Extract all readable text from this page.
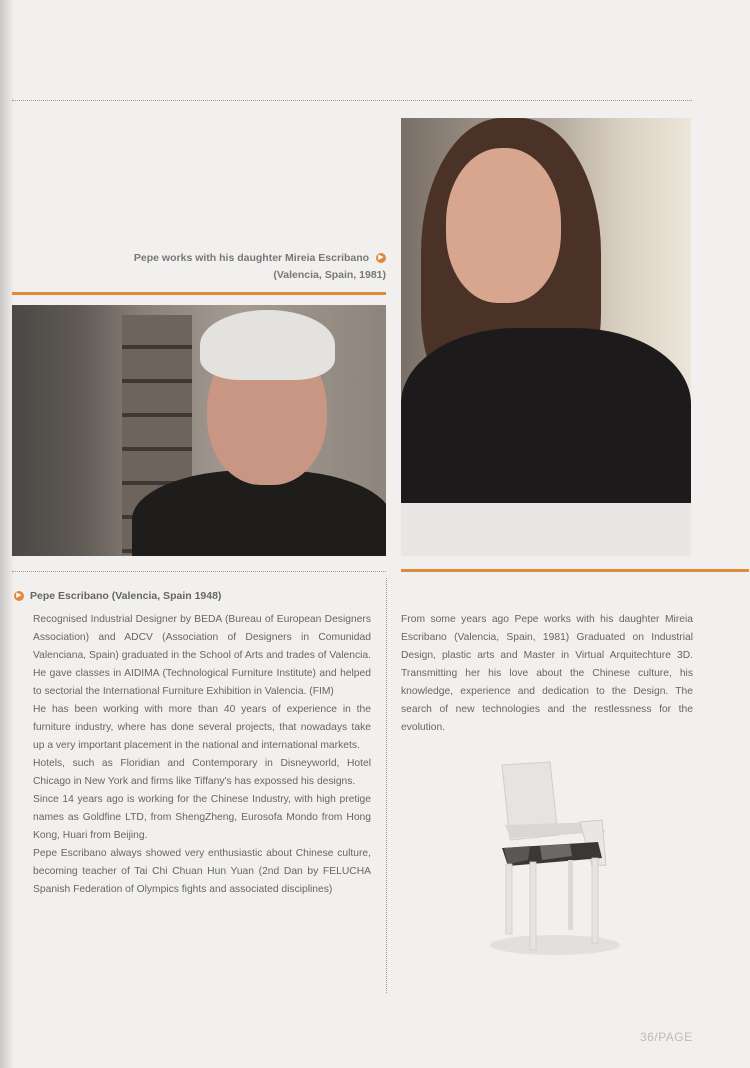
Pepe works with his daughter Mireia Escribano ▶
(Valencia, Spain, 1981)
▶ Pepe Escribano (Valencia, Spain 1948)

Recognised Industrial Designer by BEDA (Bureau of European Designers Association) and ADCV (Association of Designers in Comunidad Valenciana, Spain) graduated in the School of Arts and trades of Valencia. He gave classes in AIDIMA (Technological Furniture Institute) and helped to sectorial the International Furniture Exhibition in Valencia. (FIM)

He has been working with more than 40 years of experience in the furniture industry, where has done several projects, that nowadays take up a very important placement in the national and international markets.

Hotels, such as Floridian and Contemporary in Disneyworld, Hotel Chicago in New York and firms like Tiffany's has expossed his designs.

Since 14 years ago is working for the Chinese Industry, with high pretige names as Goldfine LTD, from ShengZheng, Eurosofa Mondo from Hong Kong, Huari from Beijing.

Pepe Escribano always showed very enthusiastic about Chinese culture, becoming teacher of Tai Chi Chuan Hun Yuan (2nd Dan by FELUCHA Spanish Federation of Olympics fights and associated disciplines)

From some years ago Pepe works with his daughter Mireia Escribano (Valencia, Spain, 1981) Graduated on Industrial Design, plastic arts and Master in Virtual Arquitechture 3D. Transmitting her his love about the Chinese culture, his knowledge, experience and dedication to the Design. The search of new technologies and the restlessness for the evolution.

36/PAGE
